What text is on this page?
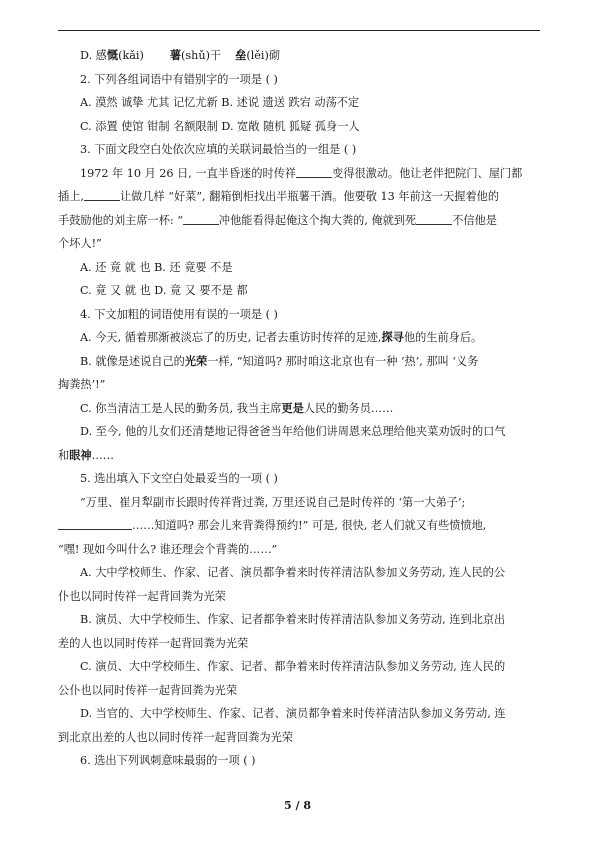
D. 感慨(kǎi) 薯(shǔ)干 垒(lěi)砌
2. 下列各组词语中有错别字的一项是 ( )
A. 漠然 诚挚 尤其 记忆尤新 B. 述说 遗送 跌宕 动荡不定
C. 添置 使馆 钳制 名额限制 D. 宽敞 随机 狐疑 孤身一人
3. 下面文段空白处依次应填的关联词最恰当的一组是 ( )
1972 年 10 月 26 日, 一直半昏迷的时传祥	变得很激动。他让老伴把院门、屋门都
插上,	让做几样 “好菜”, 翻箱倒柜找出半瓶薯干酒。他要敬 13 年前这一天握着他的
手鼓励他的刘主席一杯: “	冲他能看得起俺这个掏大粪的, 俺就到死	不信他是
个坏人!”
A. 还 竟 就 也 B. 还 竟要 不是
C. 竟 又 就 也 D. 竟 又 要不是 都
4. 下文加粗的词语使用有误的一项是 ( )
A. 今天, 循着那渐被淡忘了的历史, 记者去重访时传祥的足迹,探寻他的生前身后。
B. 就像是述说自己的光荣一样, “知道吗? 那时咱这北京也有一种 ‘热’, 那叫 ‘义务
掏粪热’!”
C. 你当清洁工是人民的勤务员, 我当主席更是人民的勤务员……
D. 至今, 他的儿女们还清楚地记得爸爸当年给他们讲周恩来总理给他夹菜劝饭时的口气
和眼神……
5. 选出填入下文空白处最妥当的一项 ( )
“万里、崔月犁副市长跟时传祥背过粪, 万里还说自己是时传祥的 ‘第一大弟子’;
……知道吗? 那会儿来背粪得预约!” 可是, 很快, 老人们就又有些愤愤地,
“嘿! 现如今叫什么? 谁还理会个背粪的……”
A. 大中学校师生、作家、记者、演员都争着来时传祥清洁队参加义务劳动, 连人民的公
仆也以同时传祥一起背回粪为光荣
B. 演员、大中学校师生、作家、记者都争着来时传祥清洁队参加义务劳动, 连到北京出
差的人也以同时传祥一起背回粪为光荣
C. 演员、大中学校师生、作家、记者、都争着来时传祥清洁队参加义务劳动, 连人民的
公仆也以同时传祥一起背回粪为光荣
D. 当官的、大中学校师生、作家、记者、演员都争着来时传祥清洁队参加义务劳动, 连
到北京出差的人也以同时传祥一起背回粪为光荣
6. 选出下列讽刺意味最弱的一项 ( )
5 / 8
